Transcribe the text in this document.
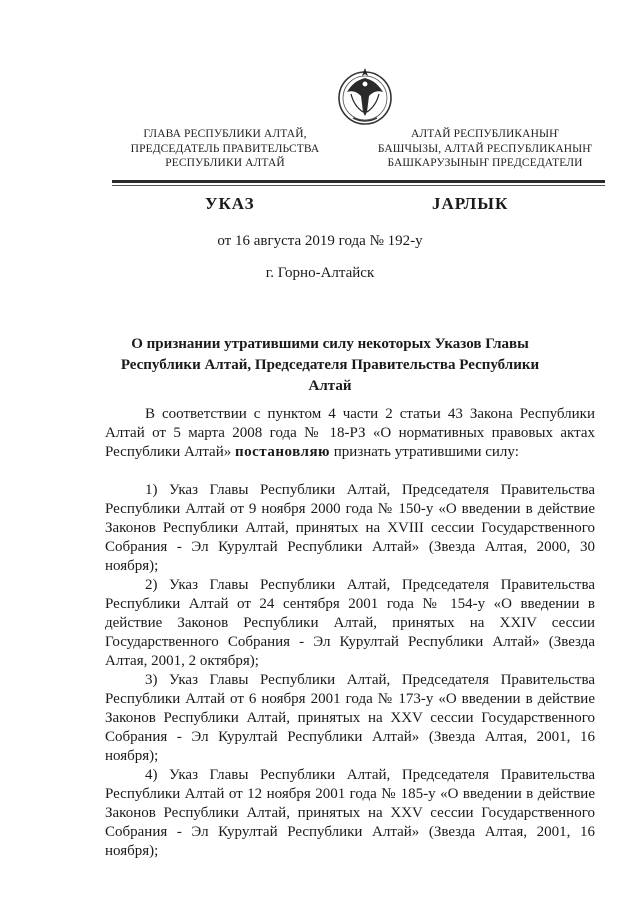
ГЛАВА РЕСПУБЛИКИ АЛТАЙ,
ПРЕДСЕДАТЕЛЬ ПРАВИТЕЛЬСТВА
РЕСПУБЛИКИ АЛТАЙ
АЛТАЙ РЕСПУБЛИКАНЫҤ
БАШЧЫЗЫ, АЛТАЙ РЕСПУБЛИКАНЫҤ
БАШКАРУЗЫНЫҤ ПРЕДСЕДАТЕЛИ
УКАЗ	JАРЛЫК
от 16 августа 2019 года № 192-у
г. Горно-Алтайск
О признании утратившими силу некоторых Указов Главы
Республики Алтай, Председателя Правительства Республики Алтай

В соответствии с пунктом 4 части 2 статьи 43 Закона Республики Алтай от 5 марта 2008 года № 18-РЗ «О нормативных правовых актах Республики Алтай» постановляю признать утратившими силу:

1) Указ Главы Республики Алтай, Председателя Правительства Республики Алтай от 9 ноября 2000 года № 150-у «О введении в действие Законов Республики Алтай, принятых на XVIII сессии Государственного Собрания - Эл Курултай Республики Алтай» (Звезда Алтая, 2000, 30 ноября);

2) Указ Главы Республики Алтай, Председателя Правительства Республики Алтай от 24 сентября 2001 года № 154-у «О введении в действие Законов Республики Алтай, принятых на XXIV сессии Государственного Собрания - Эл Курултай Республики Алтай» (Звезда Алтая, 2001, 2 октября);

3) Указ Главы Республики Алтай, Председателя Правительства Республики Алтай от 6 ноября 2001 года № 173-у «О введении в действие Законов Республики Алтай, принятых на XXV сессии Государственного Собрания - Эл Курултай Республики Алтай» (Звезда Алтая, 2001, 16 ноября);

4) Указ Главы Республики Алтай, Председателя Правительства Республики Алтай от 12 ноября 2001 года № 185-у «О введении в действие Законов Республики Алтай, принятых на XXV сессии Государственного Собрания - Эл Курултай Республики Алтай» (Звезда Алтая, 2001, 16 ноября);
